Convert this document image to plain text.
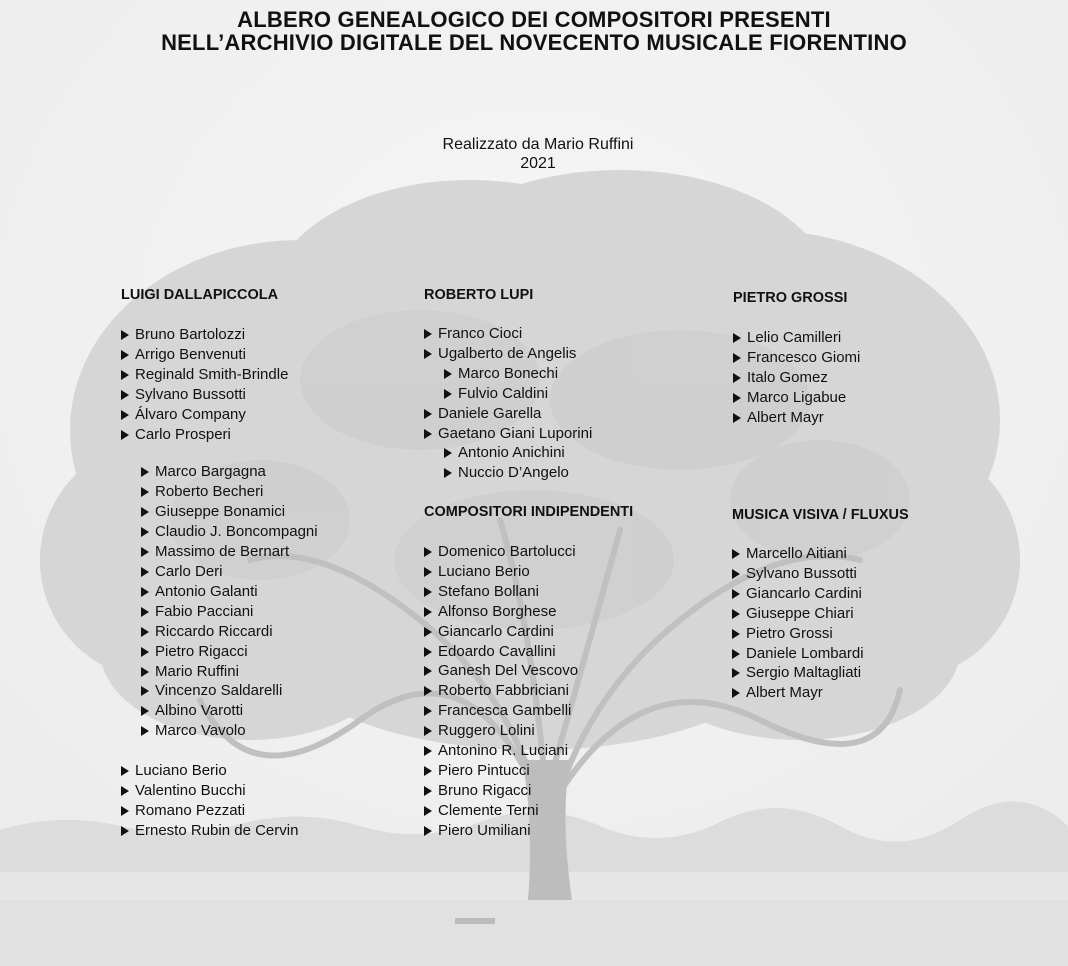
ALBERO GENEALOGICO DEI COMPOSITORI PRESENTI
NELL’ARCHIVIO DIGITALE DEL NOVECENTO MUSICALE FIORENTINO
Realizzato da Mario Ruffini
2021
LUIGI DALLAPICCOLA
Bruno Bartolozzi
Arrigo Benvenuti
Reginald Smith-Brindle
Sylvano Bussotti
Álvaro Company
Carlo Prosperi
Marco Bargagna
Roberto Becheri
Giuseppe Bonamici
Claudio J. Boncompagni
Massimo de Bernart
Carlo Deri
Antonio Galanti
Fabio Pacciani
Riccardo Riccardi
Pietro Rigacci
Mario Ruffini
Vincenzo Saldarelli
Albino Varotti
Marco Vavolo
Luciano Berio
Valentino Bucchi
Romano Pezzati
Ernesto Rubin de Cervin
ROBERTO LUPI
Franco Cioci
Ugalberto de Angelis
Marco Bonechi
Fulvio Caldini
Daniele Garella
Gaetano Giani Luporini
Antonio Anichini
Nuccio D’Angelo
COMPOSITORI INDIPENDENTI
Domenico Bartolucci
Luciano Berio
Stefano Bollani
Alfonso Borghese
Giancarlo Cardini
Edoardo Cavallini
Ganesh Del Vescovo
Roberto Fabbriciani
Francesca Gambelli
Ruggero Lolini
Antonino R. Luciani
Piero Pintucci
Bruno Rigacci
Clemente Terni
Piero Umiliani
PIETRO GROSSI
Lelio Camilleri
Francesco Giomi
Italo Gomez
Marco Ligabue
Albert Mayr
MUSICA VISIVA / FLUXUS
Marcello Aitiani
Sylvano Bussotti
Giancarlo Cardini
Giuseppe Chiari
Pietro Grossi
Daniele Lombardi
Sergio Maltagliati
Albert Mayr
